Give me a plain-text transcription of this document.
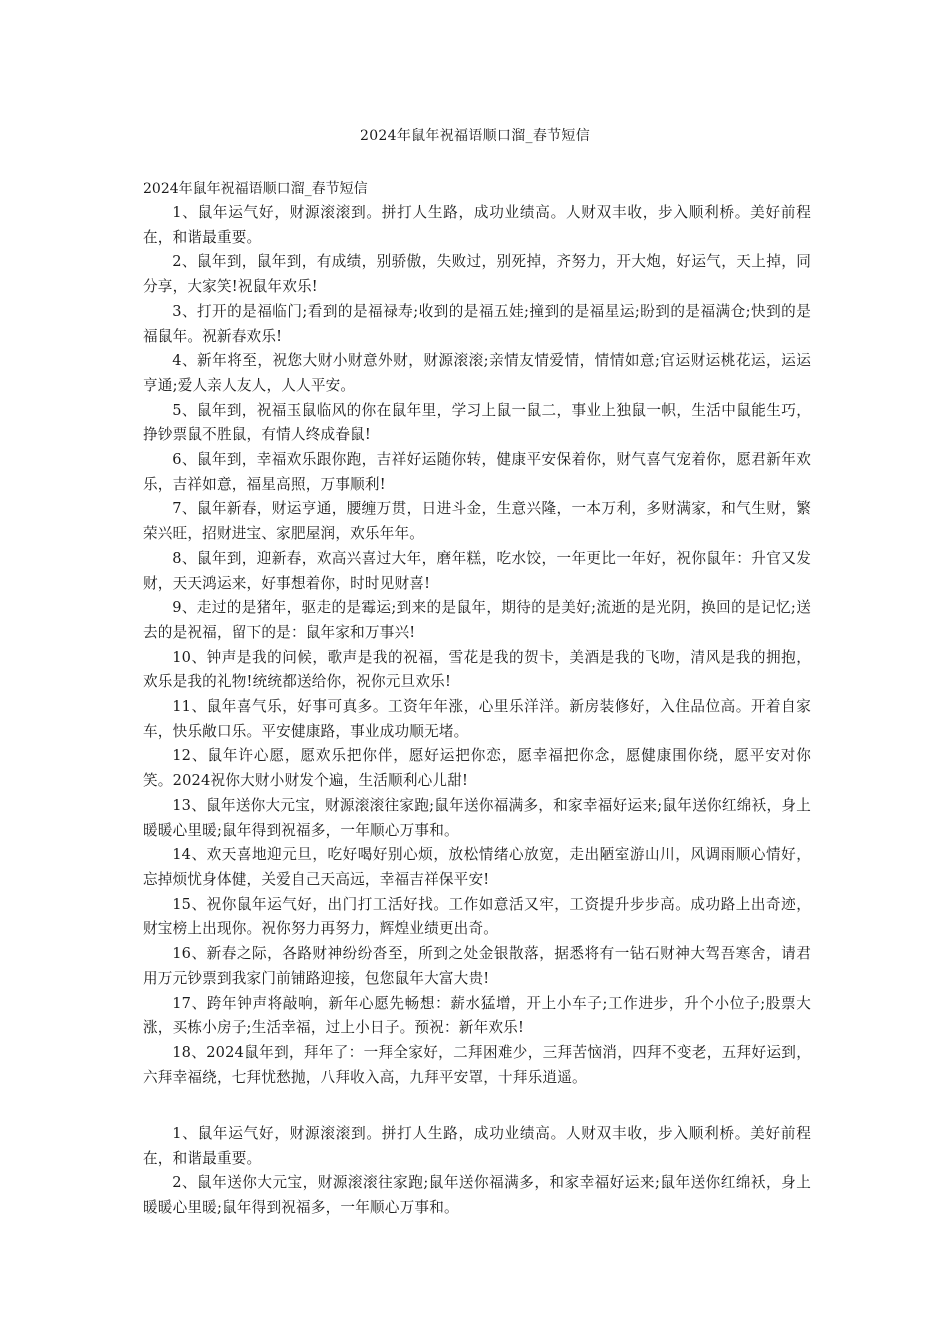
2024年鼠年祝福语顺口溜_春节短信

2024年鼠年祝福语顺口溜_春节短信

1、鼠年运气好，财源滚滚到。拼打人生路，成功业绩高。人财双丰收，步入顺利桥。美好前程在，和谐最重要。

2、鼠年到，鼠年到，有成绩，别骄傲，失败过，别死掉，齐努力，开大炮，好运气，天上掉，同分享，大家笑!祝鼠年欢乐!

3、打开的是福临门;看到的是福禄寿;收到的是福五娃;撞到的是福星运;盼到的是福满仓;快到的是福鼠年。祝新春欢乐!

4、新年将至，祝您大财小财意外财，财源滚滚;亲情友情爱情，情情如意;官运财运桃花运，运运亨通;爱人亲人友人，人人平安。

5、鼠年到，祝福玉鼠临风的你在鼠年里，学习上鼠一鼠二，事业上独鼠一帜，生活中鼠能生巧，挣钞票鼠不胜鼠，有情人终成眷鼠!

6、鼠年到，幸福欢乐跟你跑，吉祥好运随你转，健康平安保着你，财气喜气宠着你，愿君新年欢乐，吉祥如意，福星高照，万事顺利!

7、鼠年新春，财运亨通，腰缠万贯，日进斗金，生意兴隆，一本万利，多财满家，和气生财，繁荣兴旺，招财进宝、家肥屋润，欢乐年年。

8、鼠年到，迎新春，欢高兴喜过大年，磨年糕，吃水饺，一年更比一年好，祝你鼠年：升官又发财，天天鸿运来，好事想着你，时时见财喜!

9、走过的是猪年，驱走的是霉运;到来的是鼠年，期待的是美好;流逝的是光阴，换回的是记忆;送去的是祝福，留下的是：鼠年家和万事兴!

10、钟声是我的问候，歌声是我的祝福，雪花是我的贺卡，美酒是我的飞吻，清风是我的拥抱，欢乐是我的礼物!统统都送给你，祝你元旦欢乐!

11、鼠年喜气乐，好事可真多。工资年年涨，心里乐洋洋。新房装修好，入住品位高。开着自家车，快乐敞口乐。平安健康路，事业成功顺无堵。

12、鼠年许心愿，愿欢乐把你伴，愿好运把你恋，愿幸福把你念，愿健康围你绕，愿平安对你笑。2024祝你大财小财发个遍，生活顺利心儿甜!

13、鼠年送你大元宝，财源滚滚往家跑;鼠年送你福满多，和家幸福好运来;鼠年送你红绵袄，身上暖暖心里暖;鼠年得到祝福多，一年顺心万事和。

14、欢天喜地迎元旦，吃好喝好别心烦，放松情绪心放宽，走出陋室游山川，风调雨顺心情好，忘掉烦忧身体健，关爱自己天高远，幸福吉祥保平安!

15、祝你鼠年运气好，出门打工活好找。工作如意活又牢，工资提升步步高。成功路上出奇迹，财宝榜上出现你。祝你努力再努力，辉煌业绩更出奇。

16、新春之际，各路财神纷纷沓至，所到之处金银散落，据悉将有一钻石财神大驾吾寒舍，请君用万元钞票到我家门前铺路迎接，包您鼠年大富大贵!

17、跨年钟声将敲响，新年心愿先畅想：薪水猛增，开上小车子;工作进步，升个小位子;股票大涨，买栋小房子;生活幸福，过上小日子。预祝：新年欢乐!

18、2024鼠年到，拜年了：一拜全家好，二拜困难少，三拜苦恼消，四拜不变老，五拜好运到，六拜幸福绕，七拜忧愁抛，八拜收入高，九拜平安罩，十拜乐逍遥。

1、鼠年运气好，财源滚滚到。拼打人生路，成功业绩高。人财双丰收，步入顺利桥。美好前程在，和谐最重要。

2、鼠年送你大元宝，财源滚滚往家跑;鼠年送你福满多，和家幸福好运来;鼠年送你红绵袄，身上暖暖心里暖;鼠年得到祝福多，一年顺心万事和。
